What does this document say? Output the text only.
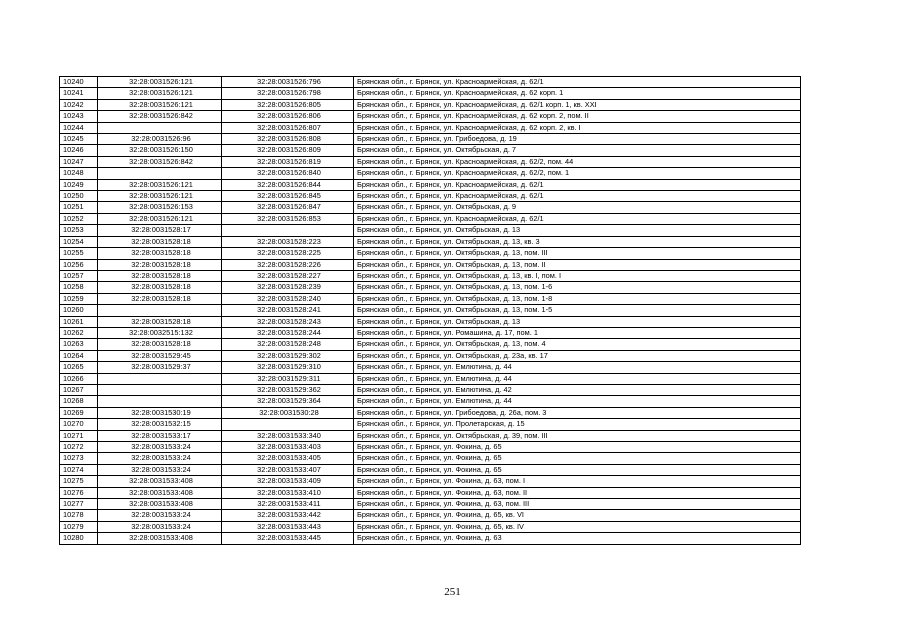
10240	32:28:0031526:121	32:28:0031526:796	Брянская обл., г. Брянск, ул. Красноармейская, д. 62/1
10241	32:28:0031526:121	32:28:0031526:798	Брянская обл., г. Брянск, ул. Красноармейская, д. 62 корп. 1
10242	32:28:0031526:121	32:28:0031526:805	Брянская обл., г. Брянск, ул. Красноармейская, д. 62/1 корп. 1, кв. XXI
10243	32:28:0031526:842	32:28:0031526:806	Брянская обл., г. Брянск, ул. Красноармейская, д. 62 корп. 2, пом. II
10244		32:28:0031526:807	Брянская обл., г. Брянск, ул. Красноармейская, д. 62 корп. 2, кв. I
10245	32:28:0031526:96	32:28:0031526:808	Брянская обл., г. Брянск, ул. Грибоедова, д. 19
10246	32:28:0031526:150	32:28:0031526:809	Брянская обл., г. Брянск, ул. Октябрьская, д. 7
10247	32:28:0031526:842	32:28:0031526:819	Брянская обл., г. Брянск, ул. Красноармейская, д. 62/2, пом. 44
10248		32:28:0031526:840	Брянская обл., г. Брянск, ул. Красноармейская, д. 62/2, пом. 1
10249	32:28:0031526:121	32:28:0031526:844	Брянская обл., г. Брянск, ул. Красноармейская, д. 62/1
10250	32:28:0031526:121	32:28:0031526:845	Брянская обл., г. Брянск, ул. Красноармейская, д. 62/1
10251	32:28:0031526:153	32:28:0031526:847	Брянская обл., г. Брянск, ул. Октябрьская, д. 9
10252	32:28:0031526:121	32:28:0031526:853	Брянская обл., г. Брянск, ул. Красноармейская, д. 62/1
10253	32:28:0031528:17		Брянская обл., г. Брянск, ул. Октябрьская, д. 13
10254	32:28:0031528:18	32:28:0031528:223	Брянская обл., г. Брянск, ул. Октябрьская, д. 13, кв. 3
10255	32:28:0031528:18	32:28:0031528:225	Брянская обл., г. Брянск, ул. Октябрьская, д. 13, пом. III
10256	32:28:0031528:18	32:28:0031528:226	Брянская обл., г. Брянск, ул. Октябрьская, д. 13, пом. II
10257	32:28:0031528:18	32:28:0031528:227	Брянская обл., г. Брянск, ул. Октябрьская, д. 13, кв. I, пом. I
10258	32:28:0031528:18	32:28:0031528:239	Брянская обл., г. Брянск, ул. Октябрьская, д. 13, пом. 1-6
10259	32:28:0031528:18	32:28:0031528:240	Брянская обл., г. Брянск, ул. Октябрьская, д. 13, пом. 1-8
10260		32:28:0031528:241	Брянская обл., г. Брянск, ул. Октябрьская, д. 13, пом. 1-5
10261	32:28:0031528:18	32:28:0031528:243	Брянская обл., г. Брянск, ул. Октябрьская, д. 13
10262	32:28:0032515:132	32:28:0031528:244	Брянская обл., г. Брянск, ул. Ромашина, д. 17, пом. 1
10263	32:28:0031528:18	32:28:0031528:248	Брянская обл., г. Брянск, ул. Октябрьская, д. 13, пом. 4
10264	32:28:0031529:45	32:28:0031529:302	Брянская обл., г. Брянск, ул. Октябрьская, д. 23а, кв. 17
10265	32:28:0031529:37	32:28:0031529:310	Брянская обл., г. Брянск, ул. Емлютина, д. 44
10266		32:28:0031529:311	Брянская обл., г. Брянск, ул. Емлютина, д. 44
10267		32:28:0031529:362	Брянская обл., г. Брянск, ул. Емлютина, д. 42
10268		32:28:0031529:364	Брянская обл., г. Брянск, ул. Емлютина, д. 44
10269	32:28:0031530:19	32:28:0031530:28	Брянская обл., г. Брянск, ул. Грибоедова, д. 26а, пом. 3
10270	32:28:0031532:15		Брянская обл., г. Брянск, ул. Пролетарская, д. 15
10271	32:28:0031533:17	32:28:0031533:340	Брянская обл., г. Брянск, ул. Октябрьская, д. 39, пом. III
10272	32:28:0031533:24	32:28:0031533:403	Брянская обл., г. Брянск, ул. Фокина, д. 65
10273	32:28:0031533:24	32:28:0031533:405	Брянская обл., г. Брянск, ул. Фокина, д. 65
10274	32:28:0031533:24	32:28:0031533:407	Брянская обл., г. Брянск, ул. Фокина, д. 65
10275	32:28:0031533:408	32:28:0031533:409	Брянская обл., г. Брянск, ул. Фокина, д. 63, пом. I
10276	32:28:0031533:408	32:28:0031533:410	Брянская обл., г. Брянск, ул. Фокина, д. 63, пом. II
10277	32:28:0031533:408	32:28:0031533:411	Брянская обл., г. Брянск, ул. Фокина, д. 63, пом. III
10278	32:28:0031533:24	32:28:0031533:442	Брянская обл., г. Брянск, ул. Фокина, д. 65, кв. VI
10279	32:28:0031533:24	32:28:0031533:443	Брянская обл., г. Брянск, ул. Фокина, д. 65, кв. IV
10280	32:28:0031533:408	32:28:0031533:445	Брянская обл., г. Брянск, ул. Фокина, д. 63
251
